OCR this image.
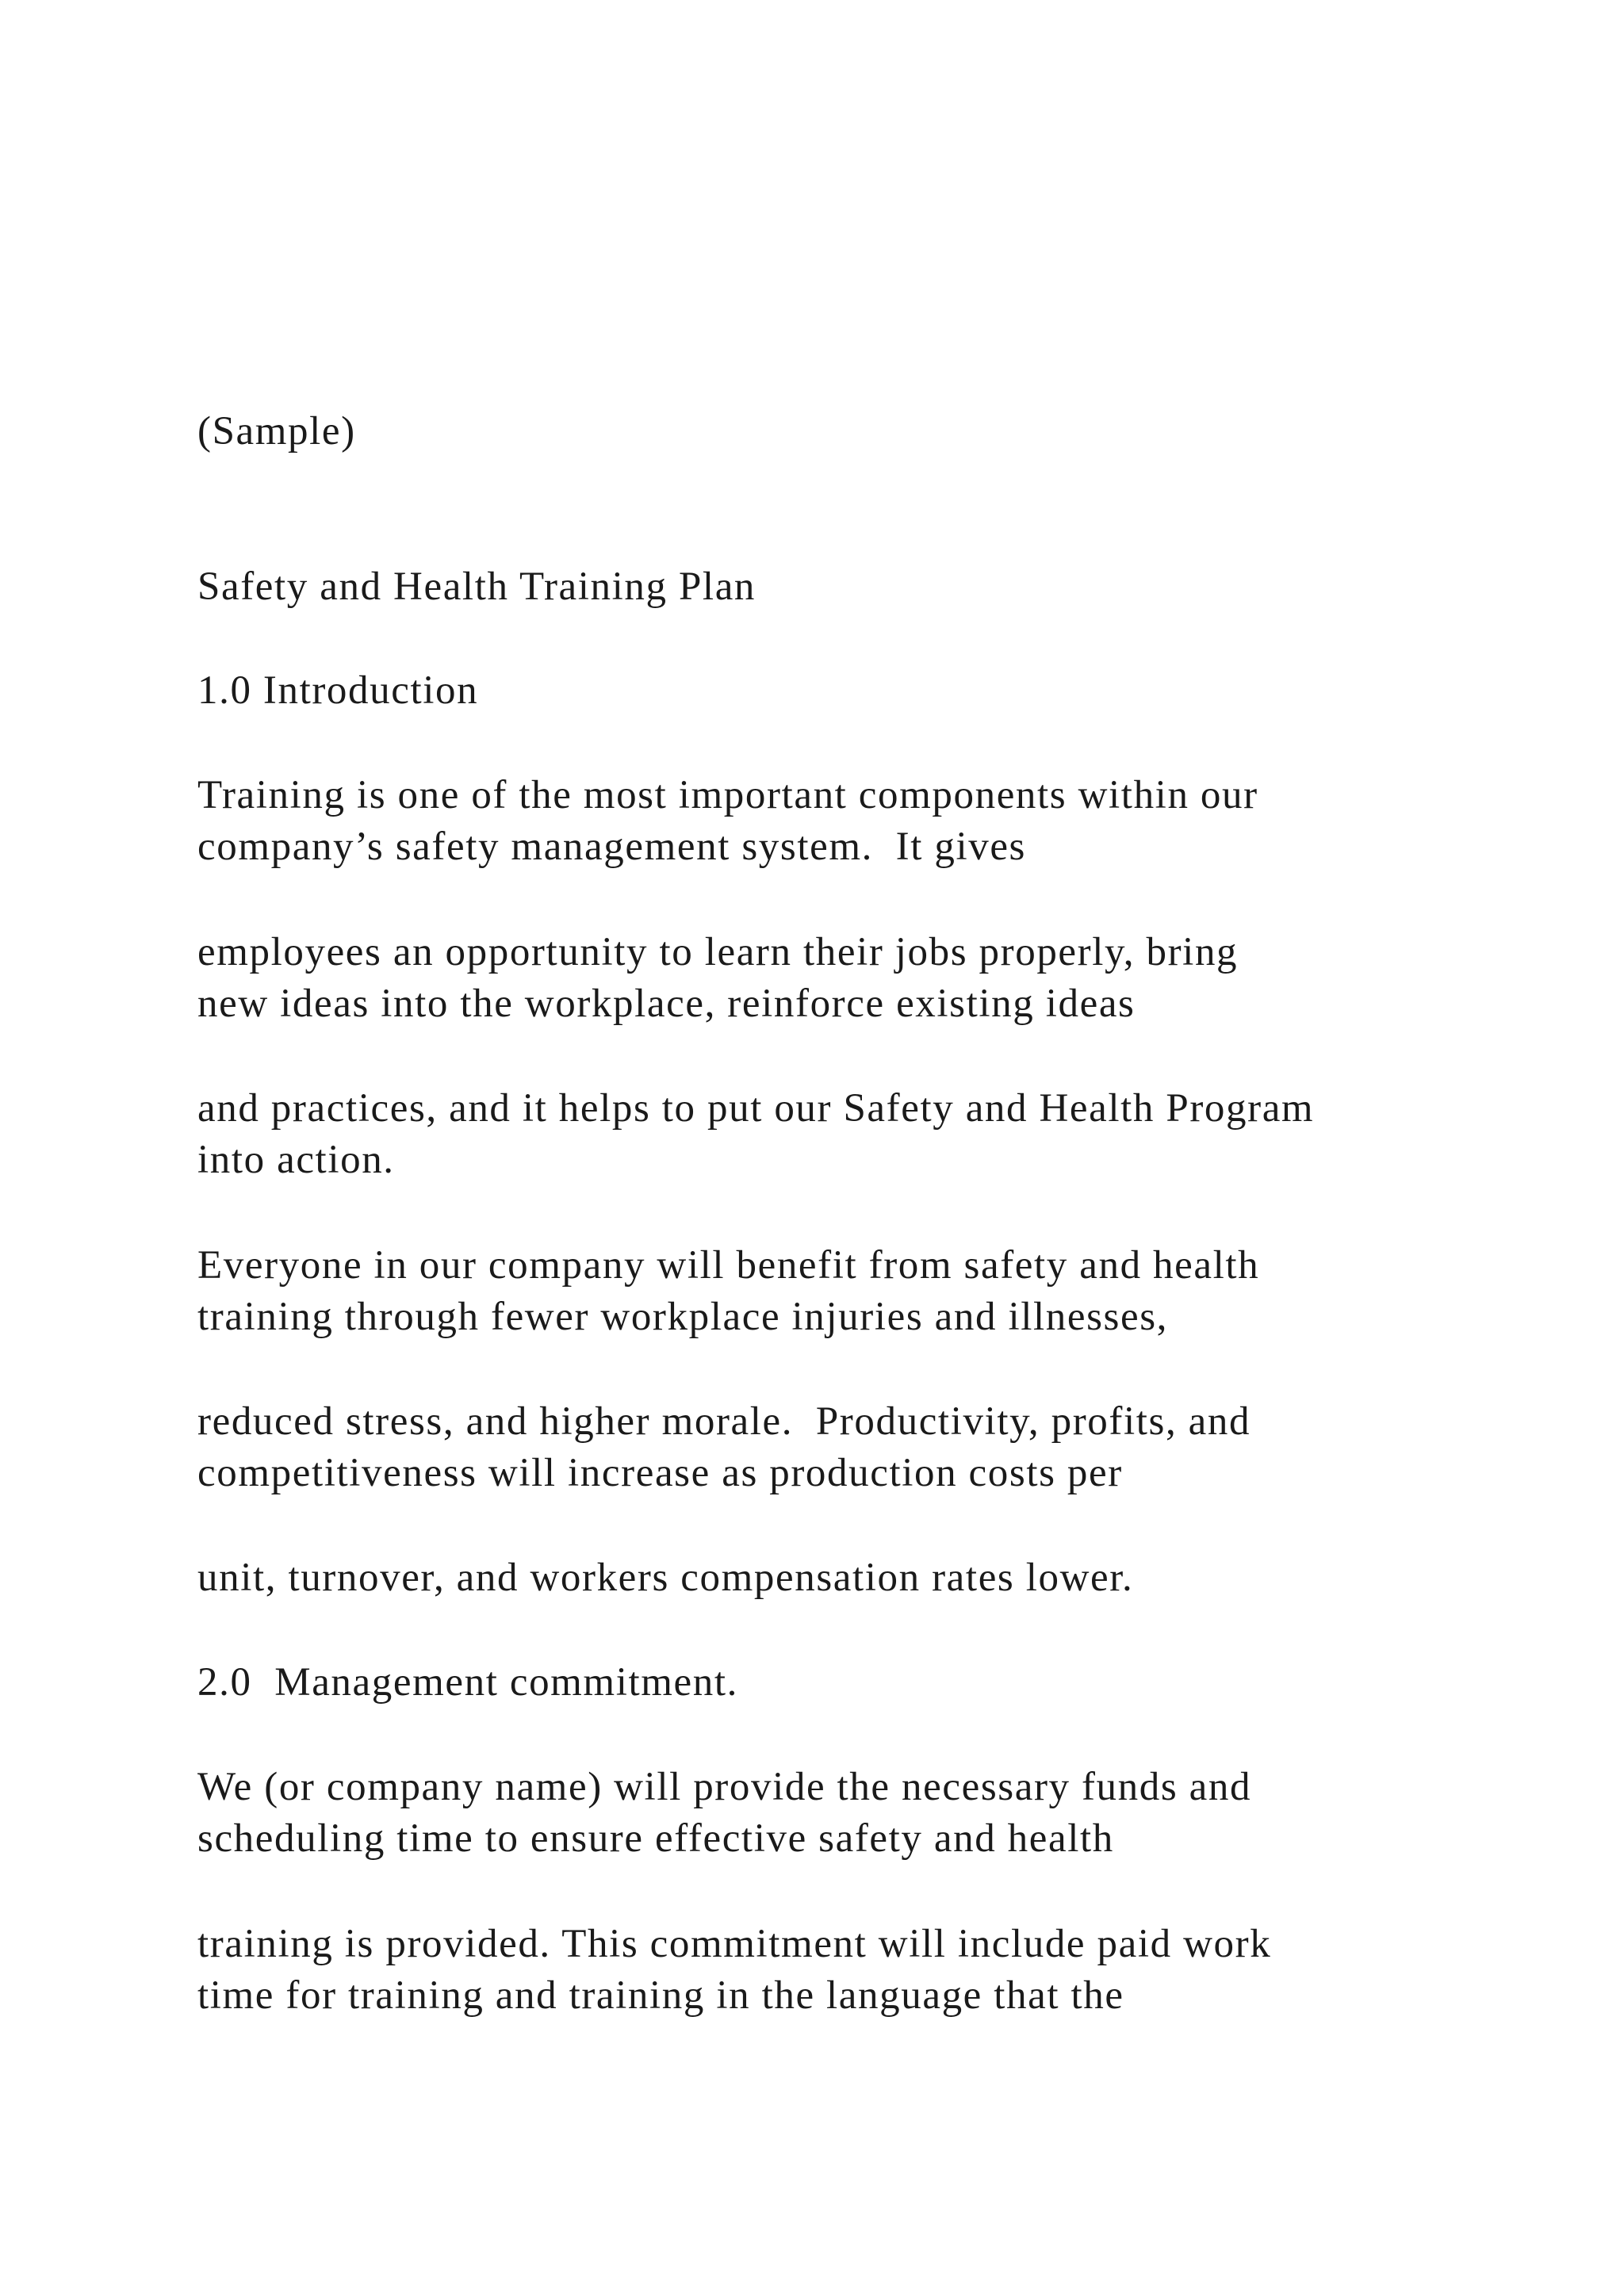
(Sample)

Safety and Health Training Plan

1.0 Introduction

Training is one of the most important components within our

company’s safety management system.  It gives

employees an opportunity to learn their jobs properly, bring

new ideas into the workplace, reinforce existing ideas

and practices, and it helps to put our Safety and Health Program

into action.

Everyone in our company will benefit from safety and health

training through fewer workplace injuries and illnesses,

reduced stress, and higher morale.  Productivity, profits, and

competitiveness will increase as production costs per

unit, turnover, and workers compensation rates lower.

2.0  Management commitment.

We (or company name) will provide the necessary funds and

scheduling time to ensure effective safety and health

training is provided. This commitment will include paid work

time for training and training in the language that the
